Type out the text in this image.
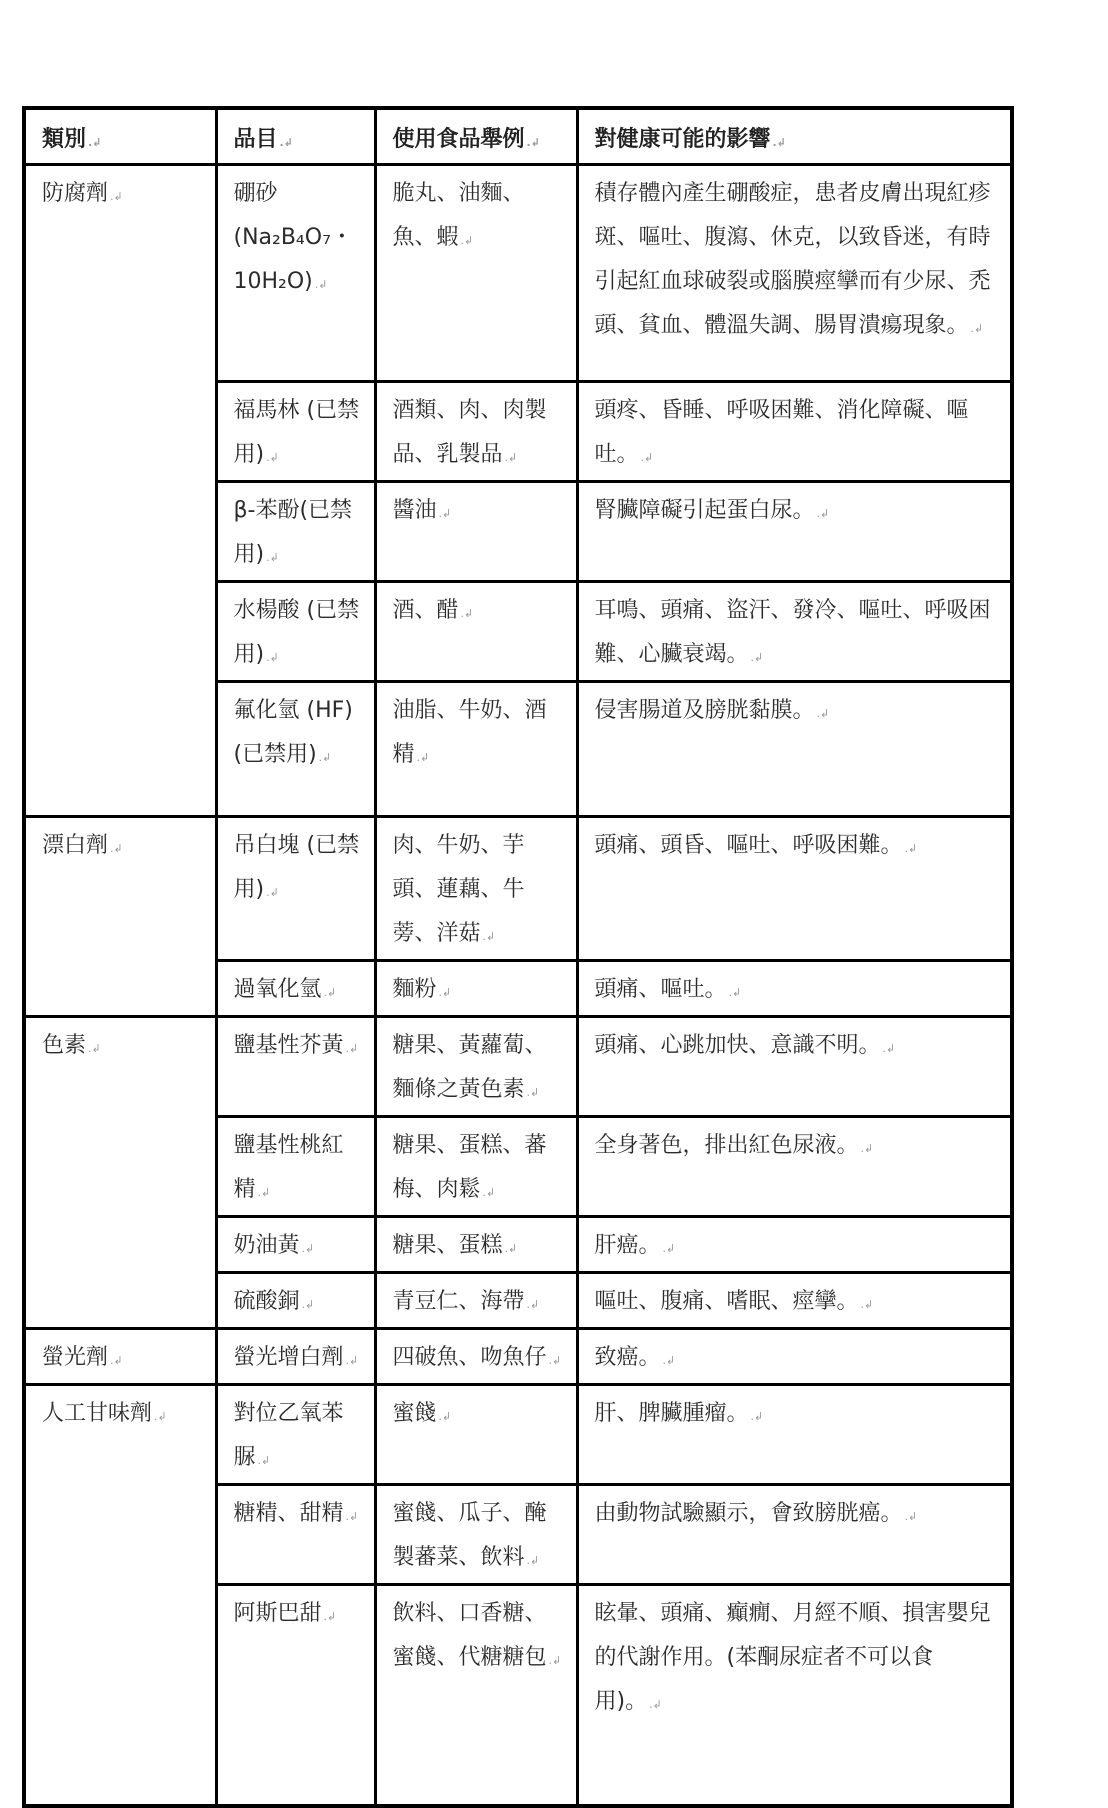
類別 .↲	品目 .↲	使用食品舉例 .↲	對健康可能的影響 .↲
防腐劑 .↲	硼砂 (Na₂B₄O₇・10H₂O) .↲	脆丸、油麵、魚、蝦 .↲	積存體內產生硼酸症，患者皮膚出現紅疹斑、嘔吐、腹瀉、休克，以致昏迷，有時引起紅血球破裂或腦膜痙攣而有少尿、禿頭、貧血、體溫失調、腸胃潰瘍現象。 .↲
	福馬林 (已禁用) .↲	酒類、肉、肉製品、乳製品 .↲	頭疼、昏睡、呼吸困難、消化障礙、嘔吐。 .↲
	β-苯酚(已禁用) .↲	醬油 .↲	腎臟障礙引起蛋白尿。 .↲
	水楊酸 (已禁用) .↲	酒、醋 .↲	耳鳴、頭痛、盜汗、發冷、嘔吐、呼吸困難、心臟衰竭。 .↲
	氟化氫 (HF) (已禁用) .↲	油脂、牛奶、酒精 .↲	侵害腸道及膀胱黏膜。 .↲
漂白劑 .↲	吊白塊 (已禁用) .↲	肉、牛奶、芋頭、蓮藕、牛蒡、洋菇 .↲	頭痛、頭昏、嘔吐、呼吸困難。 .↲
	過氧化氫 .↲	麵粉 .↲	頭痛、嘔吐。 .↲
色素 .↲	鹽基性芥黃 .↲	糖果、黃蘿蔔、麵條之黃色素 .↲	頭痛、心跳加快、意識不明。 .↲
	鹽基性桃紅精 .↲	糖果、蛋糕、蕃梅、肉鬆 .↲	全身著色，排出紅色尿液。 .↲
	奶油黃 .↲	糖果、蛋糕 .↲	肝癌。 .↲
	硫酸銅 .↲	青豆仁、海帶 .↲	嘔吐、腹痛、嗜眠、痙攣。 .↲
螢光劑 .↲	螢光增白劑 .↲	四破魚、吻魚仔 .↲	致癌。 .↲
人工甘味劑 .↲	對位乙氧苯脲 .↲	蜜餞 .↲	肝、脾臟腫瘤。 .↲
	糖精、甜精 .↲	蜜餞、瓜子、醃製蕃菜、飲料 .↲	由動物試驗顯示，會致膀胱癌。 .↲
	阿斯巴甜 .↲	飲料、口香糖、蜜餞、代糖糖包 .↲	眩暈、頭痛、癲癇、月經不順、損害嬰兒的代謝作用。(苯酮尿症者不可以食用)。 .↲
